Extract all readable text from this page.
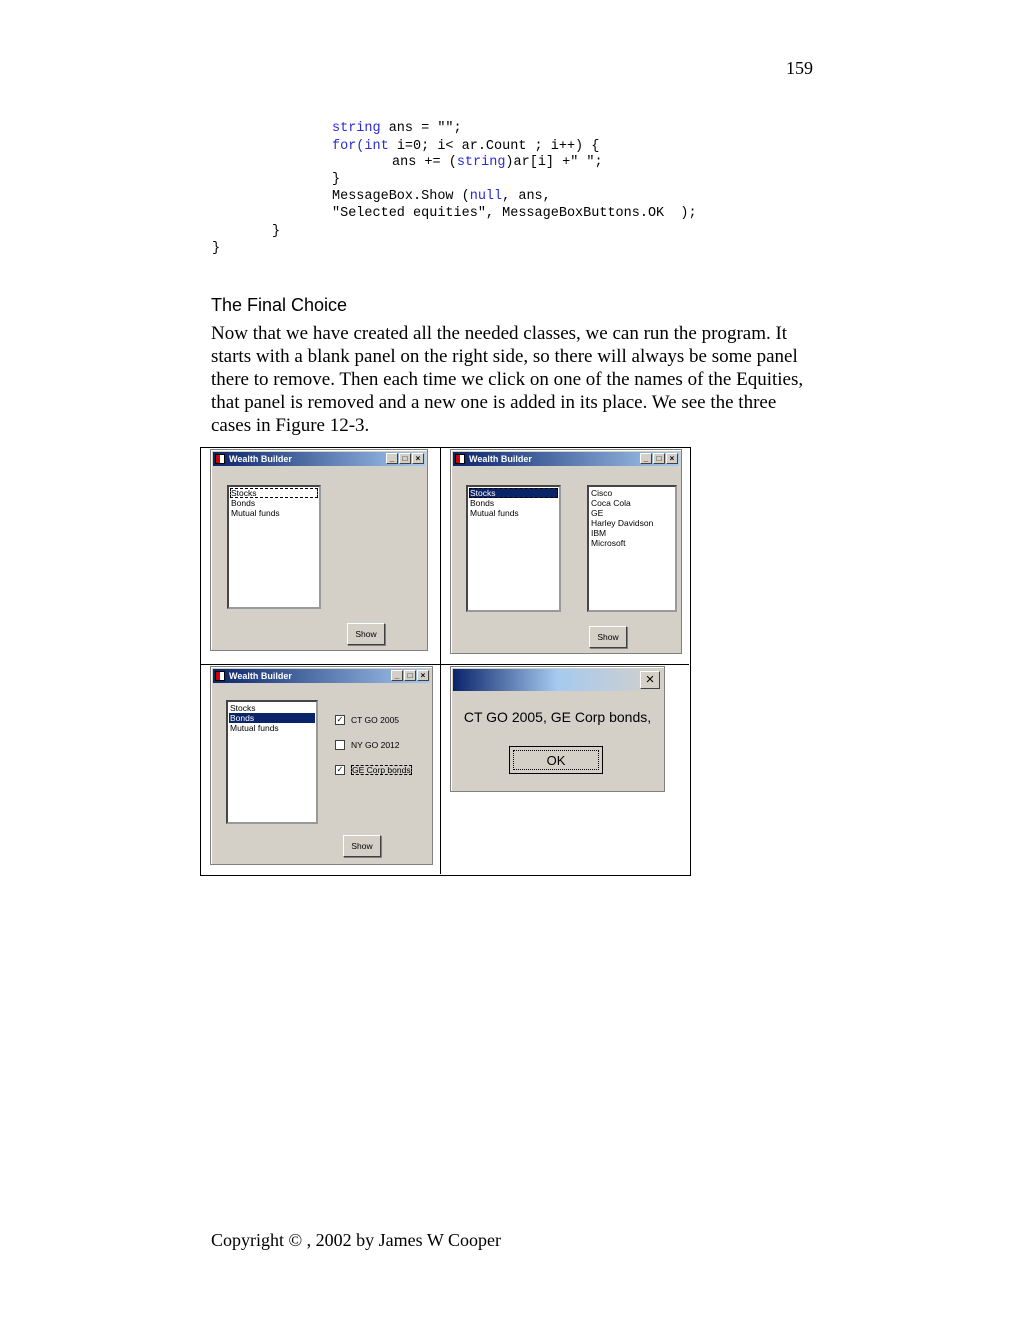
159

string ans = "";

for(int i=0; i< ar.Count ; i++) {

ans += (string)ar[i] +" ";

}

MessageBox.Show (null, ans,

"Selected equities", MessageBoxButtons.OK  );

}

}

The Final Choice
Now that we have created all the needed classes, we can run the program. It starts with a blank panel on the right side, so there will always be some panel there to remove. Then each time we click on one of the names of the Equities, that panel is removed and a new one is added in its place. We see the three cases in Figure 12-3.
Wealth Builder	_	□	×
Stocks
Bonds
Mutual funds
Show
Wealth Builder	_	□	×
Stocks
Bonds
Mutual funds
Cisco
Coca Cola
GE
Harley Davidson
IBM
Microsoft
Show
Wealth Builder	_	□	×
Stocks
Bonds
Mutual funds
✓ CT GO 2005
NY GO 2012
✓ GE Corp bonds
Show
×
CT GO 2005, GE Corp bonds,
OK
Copyright © , 2002 by James W Cooper
